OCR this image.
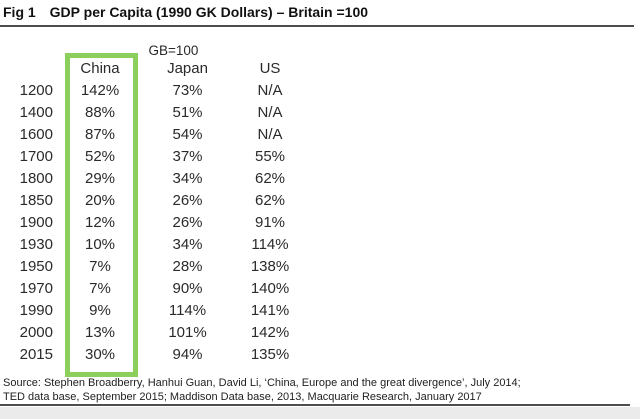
Fig 1 GDP per Capita (1990 GK Dollars) – Britain =100
		GB=100	
	China	Japan	US
1200	142%	73%	N/A
1400	88%	51%	N/A
1600	87%	54%	N/A
1700	52%	37%	55%
1800	29%	34%	62%
1850	20%	26%	62%
1900	12%	26%	91%
1930	10%	34%	114%
1950	7%	28%	138%
1970	7%	90%	140%
1990	9%	114%	141%
2000	13%	101%	142%
2015	30%	94%	135%
Source: Stephen Broadberry, Hanhui Guan, David Li, ‘China, Europe and the great divergence’, July 2014;
TED data base, September 2015; Maddison Data base, 2013, Macquarie Research, January 2017
